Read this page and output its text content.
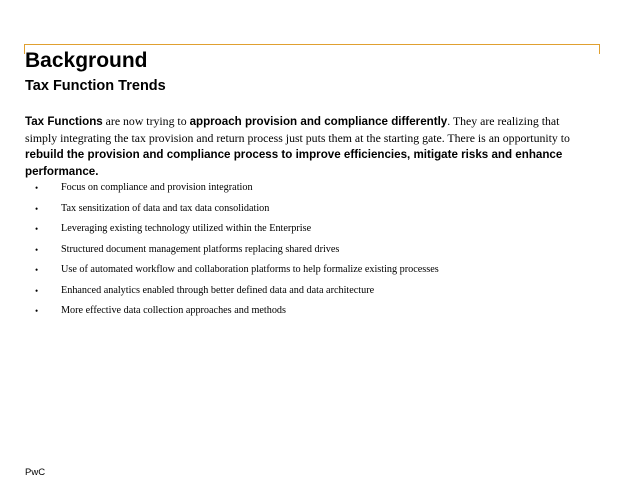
Background
Tax Function Trends

Tax Functions are now trying to approach provision and compliance differently. They are realizing that simply integrating the tax provision and return process just puts them at the starting gate. There is an opportunity to rebuild the provision and compliance process to improve efficiencies, mitigate risks and enhance performance.

• Focus on compliance and provision integration
• Tax sensitization of data and tax data consolidation
• Leveraging existing technology utilized within the Enterprise
• Structured document management platforms replacing shared drives
• Use of automated workflow and collaboration platforms to help formalize existing processes
• Enhanced analytics enabled through better defined data and data architecture
• More effective data collection approaches and methods
PwC
